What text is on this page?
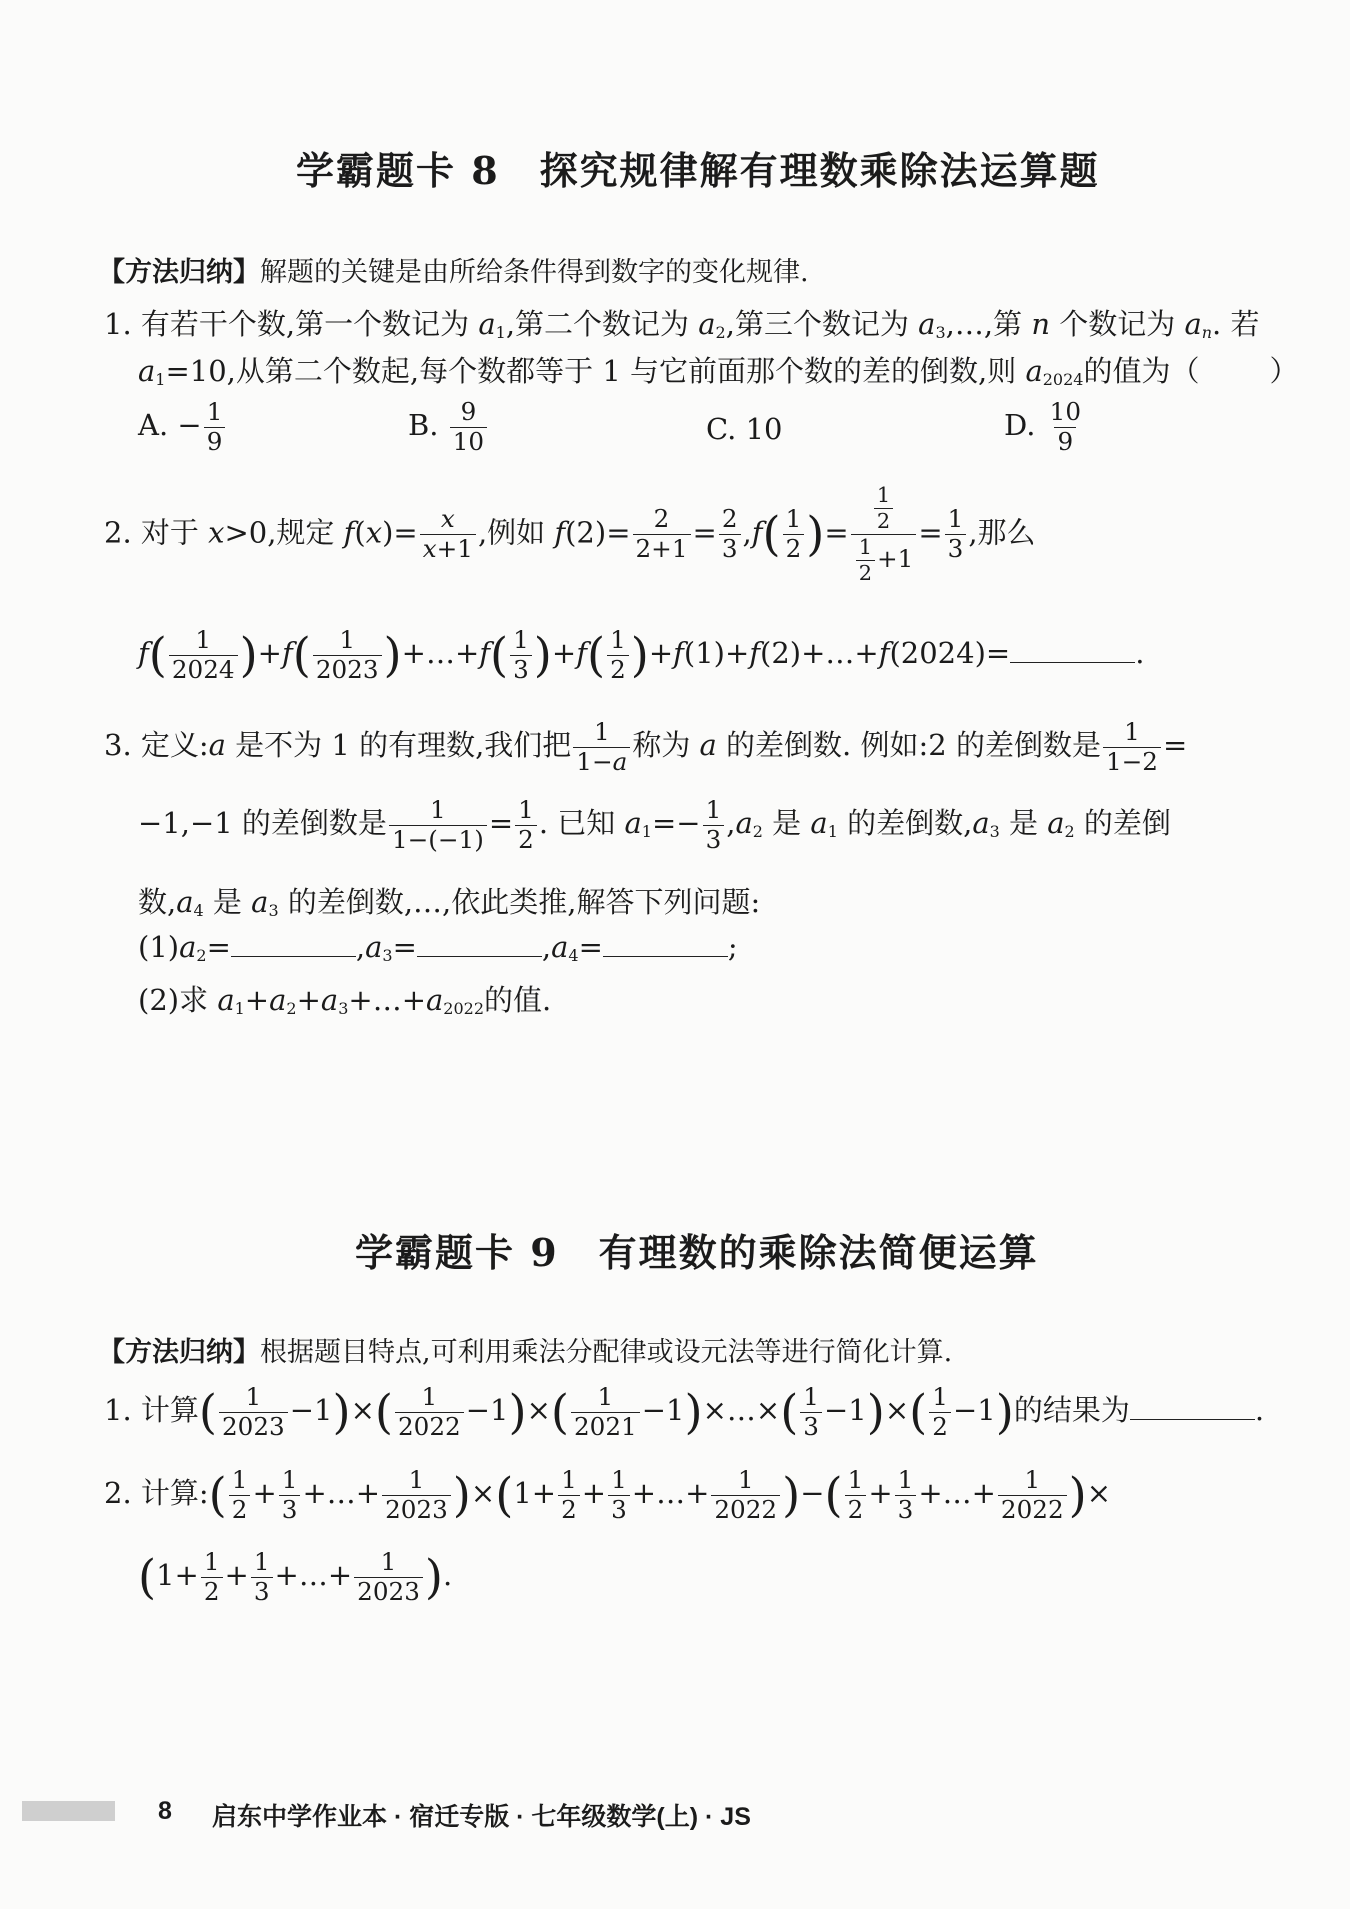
学霸题卡 8　探究规律解有理数乘除法运算题
【方法归纳】解题的关键是由所给条件得到数字的变化规律.
1. 有若干个数,第一个数记为 $a_1$,第二个数记为 $a_2$,第三个数记为 $a_3,\dots$,第 n 个数记为 $a_n$. 若
$a_1=10$,从第二个数起,每个数都等于 1 与它前面那个数的差的倒数,则 $a_{2024}$的值为（ ）
A. − $\frac{1}{9}$	B. $\frac{9}{10}$	C. 10	D. $\frac{10}{9}$
2. 对于 x>0,规定 $f(x)= \frac{x}{x+1}$ ,例如 $f(2)= \frac{2}{2+1} = \frac{2}{3} ,f( \frac{1}{2}$ )= $\frac{\frac{1}{2}}{\frac{1}{2} +1} = \frac{1}{3}$ ,那么
$f( \frac{1}{2024} )+f( \frac{1}{2023}$ )+…+f( $\frac{1}{3} )+f( \frac{1}{2}$ )+f(1)+f(2)+…+f(2024)=	.
3. 定义:a 是不为 1 的有理数,我们把 $\frac{1}{1-a}$ 称为 a 的差倒数. 例如:2 的差倒数是 $\frac{1}{1-2}$ =
−1,−1 的差倒数是 $\frac{1}{1-(-1)} = \frac{1}{2}$ . 已知 $a_1=- \frac{1}{3} ,a_2$ 是 $a_1$ 的差倒数$,a_3$ 是 $a_2$ 的差倒
数$,a_4$ 是 $a_3$ 的差倒数,…,依此类推,解答下列问题:
$(1)a_2=$	$,a_3=$	$,a_4=$	;
(2)求 $a_1+a_2+a_3+\dots+a_{2022}$的值.
学霸题卡 9　有理数的乘除法简便运算
【方法归纳】根据题目特点,可利用乘法分配律或设元法等进行简化计算.
1. 计算( $\frac{1}{2023} -1)\times( \frac{1}{2022} -1)\times( \frac{1}{2021}$ −1)×…×( $\frac{1}{3} -1)\times( \frac{1}{2} -1)$的结果为	.
2. 计算:( $\frac{1}{2} + \frac{1}{3}$ +…+ $\frac{1}{2023} )\times(1+ \frac{1}{2} + \frac{1}{3}$ +…+ $\frac{1}{2022}$ )−( $\frac{1}{2} + \frac{1}{3}$ +…+ $\frac{1}{2022}$ )×
($1+ \frac{1}{2} + \frac{1}{3}$ +…+ $\frac{1}{2023}$ ).
8 启东中学作业本 · 宿迁专版 · 七年级数学(上) · JS
